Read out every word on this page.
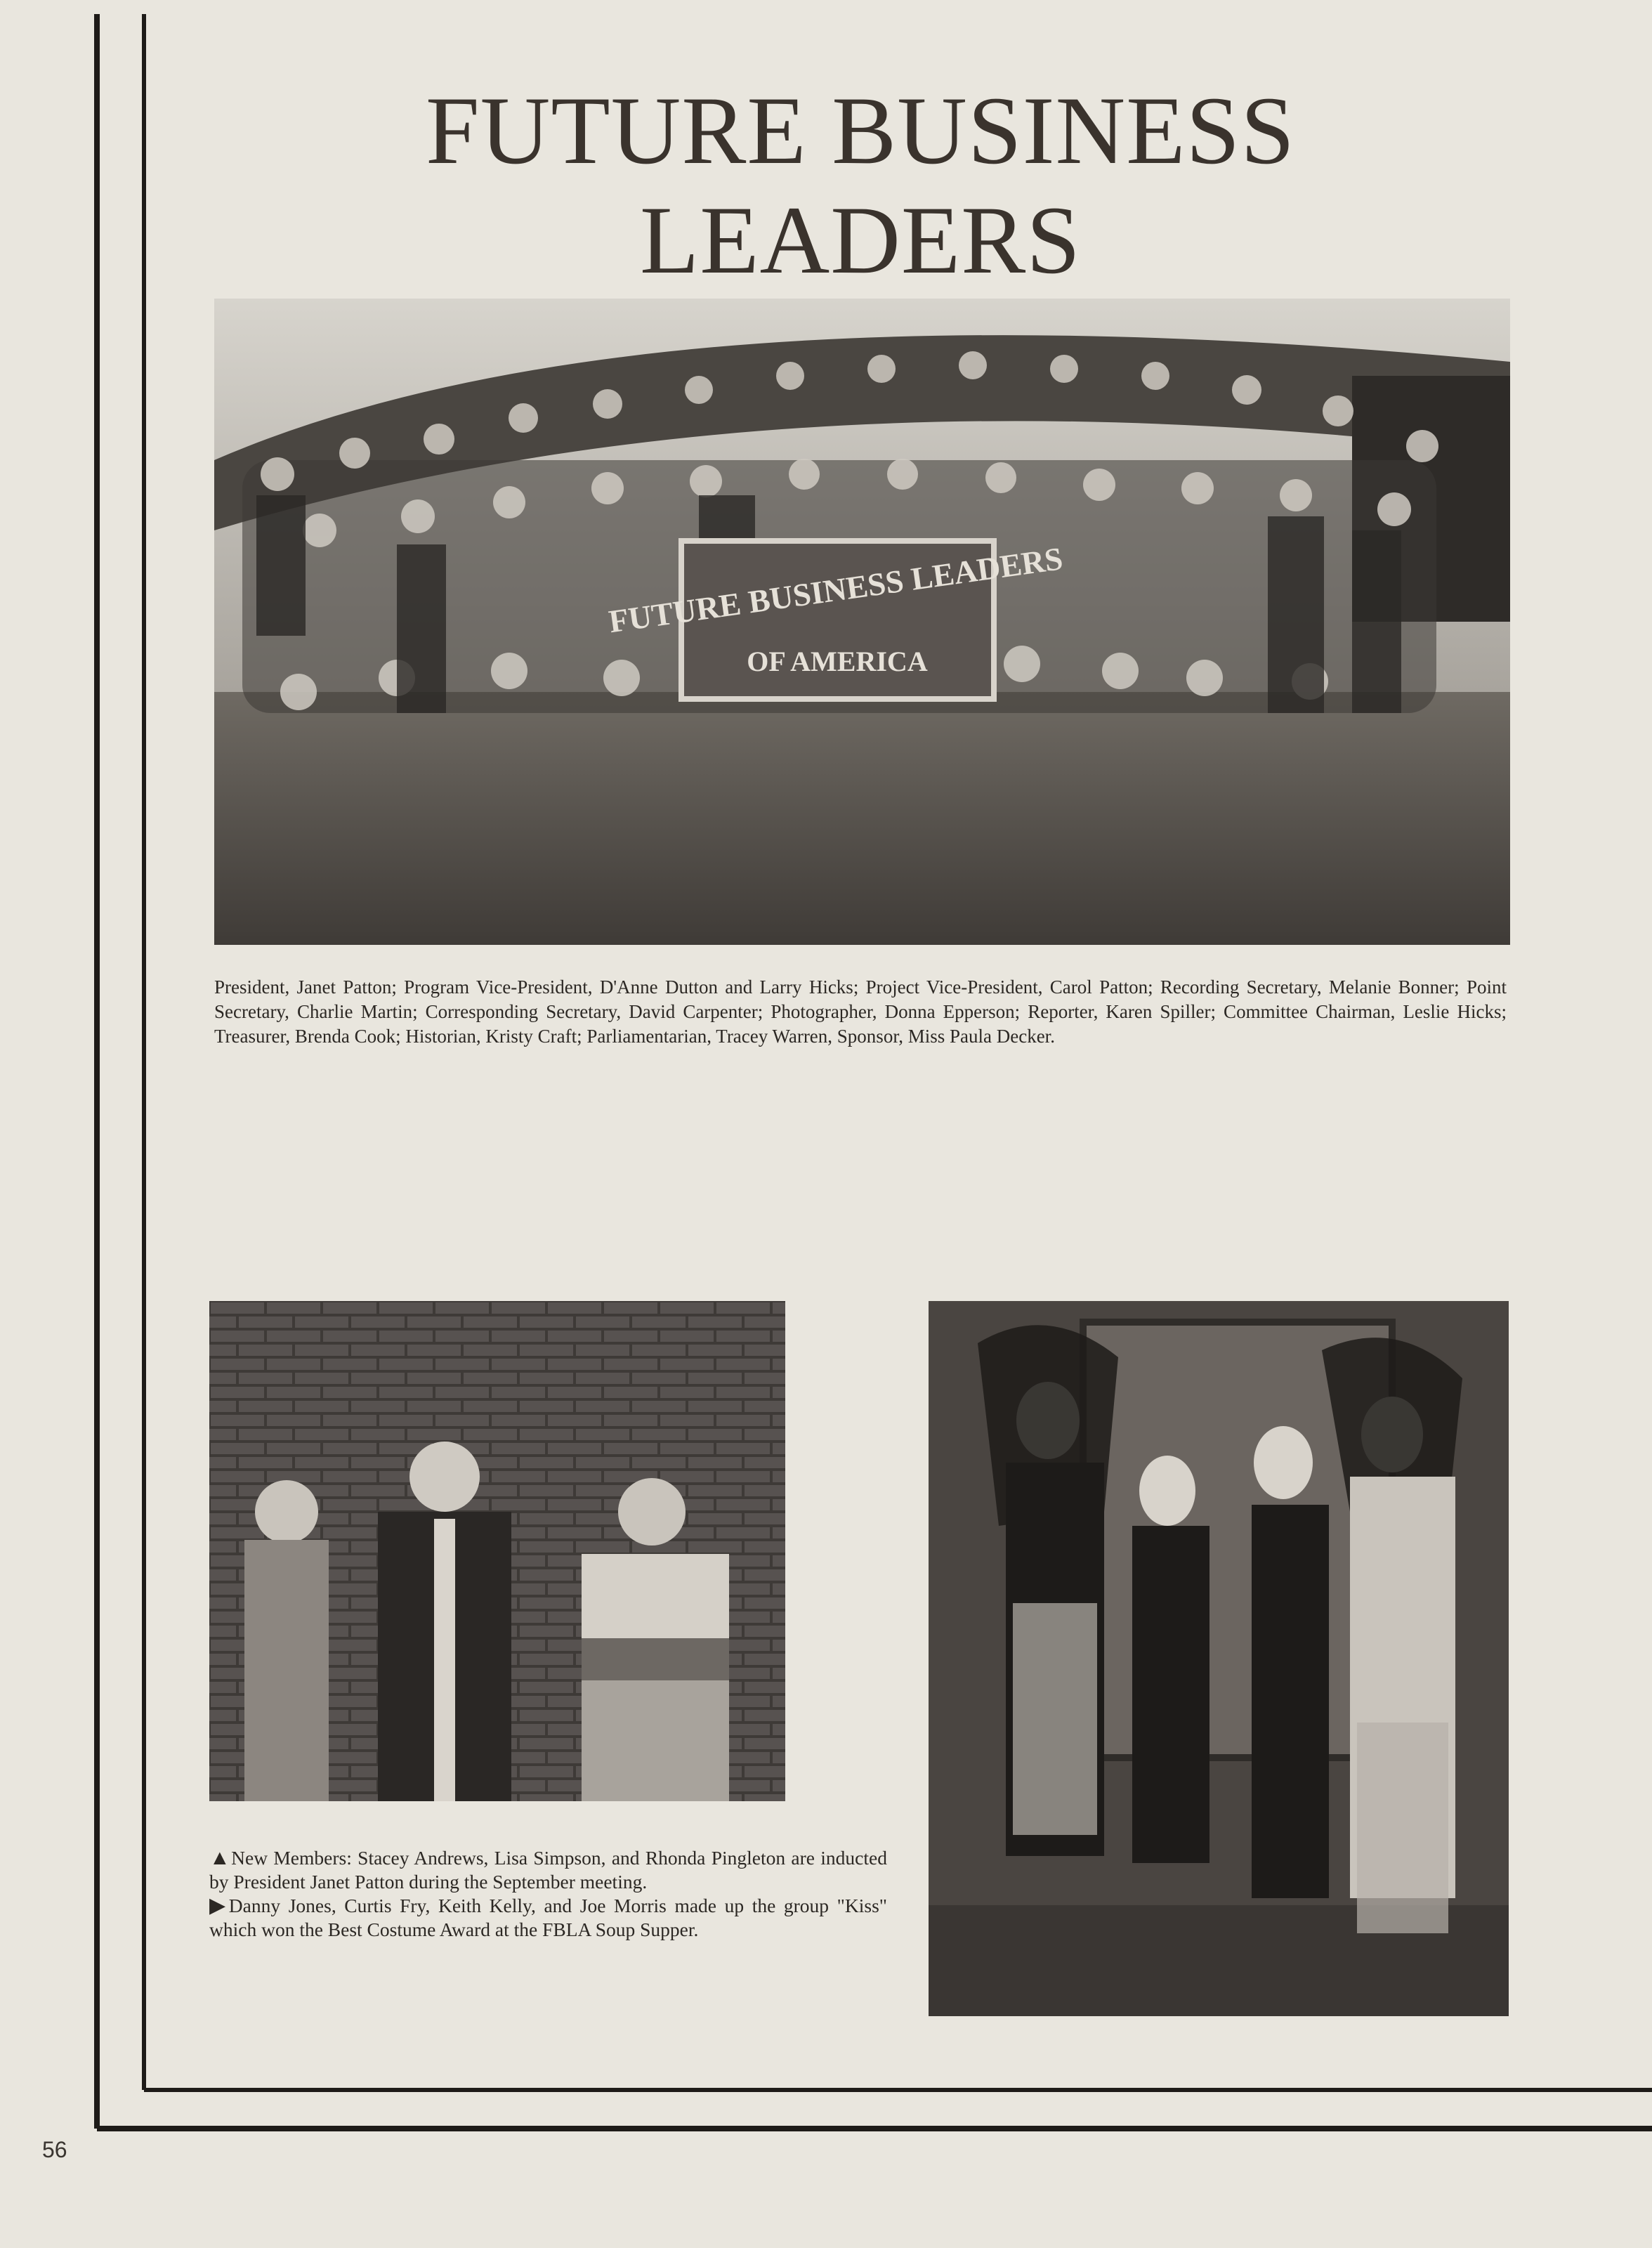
FUTURE BUSINESS LEADERS
FUTURE BUSINESS LEADERS
OF AMERICA

President, Janet Patton; Program Vice-President, D'Anne Dutton and Larry Hicks; Project Vice-President, Carol Patton; Recording Secretary, Melanie Bonner; Point Secretary, Charlie Martin; Corresponding Secretary, David Carpenter; Photographer, Donna Epperson; Reporter, Karen Spiller; Committee Chairman, Leslie Hicks; Treasurer, Brenda Cook; Historian, Kristy Craft; Parliamentarian, Tracey Warren, Sponsor, Miss Paula Decker.

▲New Members: Stacey Andrews, Lisa Simpson, and Rhonda Pingleton are inducted by President Janet Patton during the September meeting.

▶Danny Jones, Curtis Fry, Keith Kelly, and Joe Morris made up the group "Kiss" which won the Best Costume Award at the FBLA Soup Supper.

56
